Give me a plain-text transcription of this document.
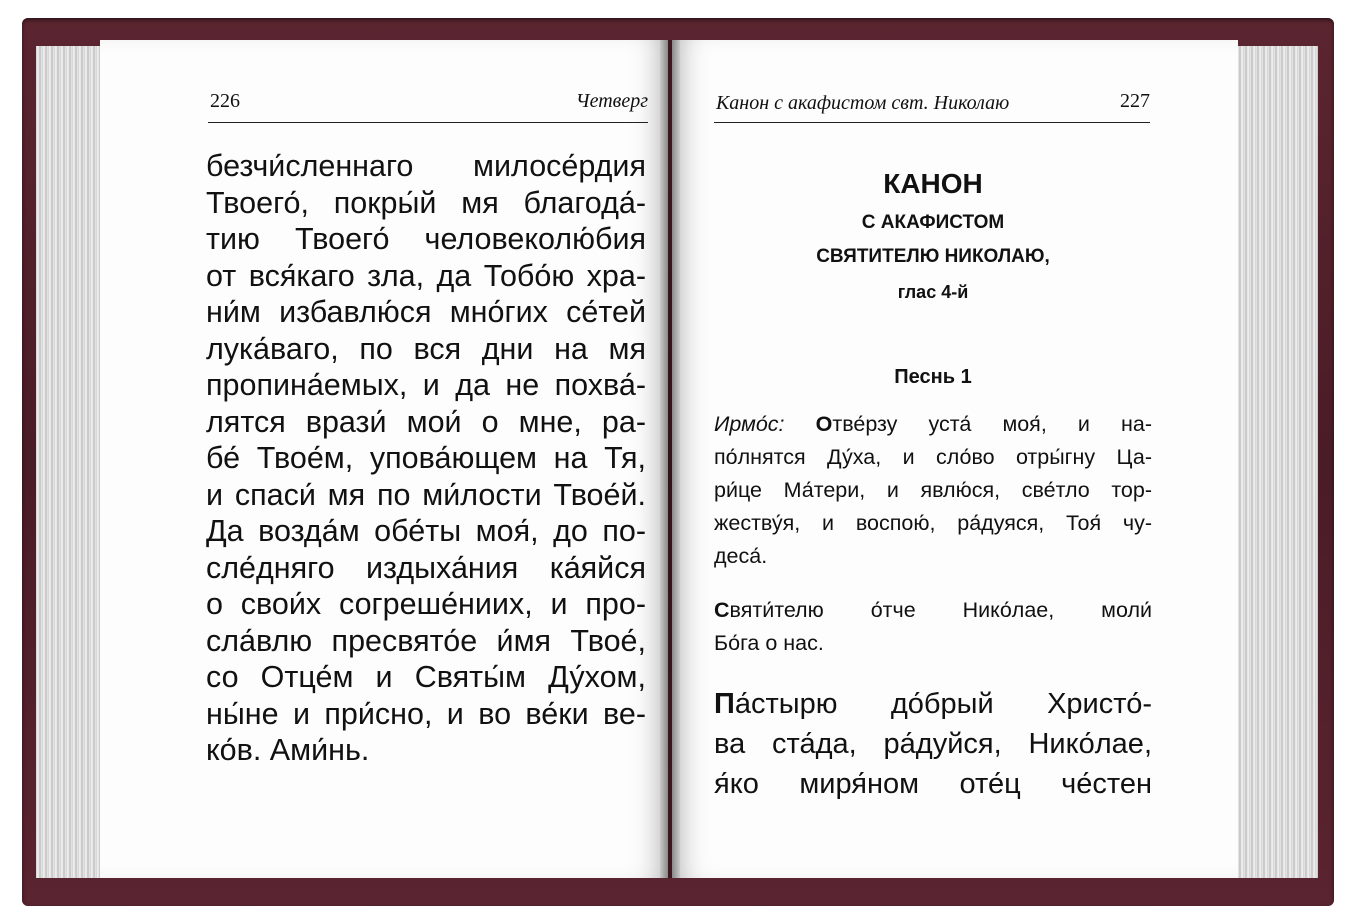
226	Четверг
безчи́сленнаго милосе́рдия
Твоего́, покры́й мя благода́-
тию Твоего́ человеколю́бия
от вся́каго зла, да Тобо́ю хра-
ни́м избавлю́ся мно́гих се́тей
лука́ваго, по вся дни на мя
пропина́емых, и да не похва́-
лятся врази́ мои́ о мне, ра-
бе́ Твое́м, упова́ющем на Тя,
и спаси́ мя по ми́лости Твое́й.
Да возда́м обе́ты моя́, до по-
сле́дняго издыха́ния ка́яйся
о свои́х согреше́ниих, и про-
сла́влю пресвято́е и́мя Твое́,
со Отце́м и Святы́м Ду́хом,
ны́не и при́сно, и во ве́ки ве-
ко́в. Ами́нь.
Канон с акафистом свт. Николаю	227
КАНОН
С АКАФИСТОМ
СВЯТИТЕЛЮ НИКОЛАЮ,
глас 4-й
Песнь 1
Ирмо́с: Отве́рзу уста́ моя́, и на-
по́лнятся Ду́ха, и сло́во отры́гну Ца-
ри́це Ма́тери, и явлю́ся, све́тло тор-
жеству́я, и воспою́, ра́дуяся, Тоя́ чу-
деса́.
Святи́телю о́тче Нико́лае, моли́
Бо́га о нас.
Па́стырю до́брый Христо́-
ва ста́да, ра́дуйся, Нико́лае,
я́ко миря́ном оте́ц че́стен
